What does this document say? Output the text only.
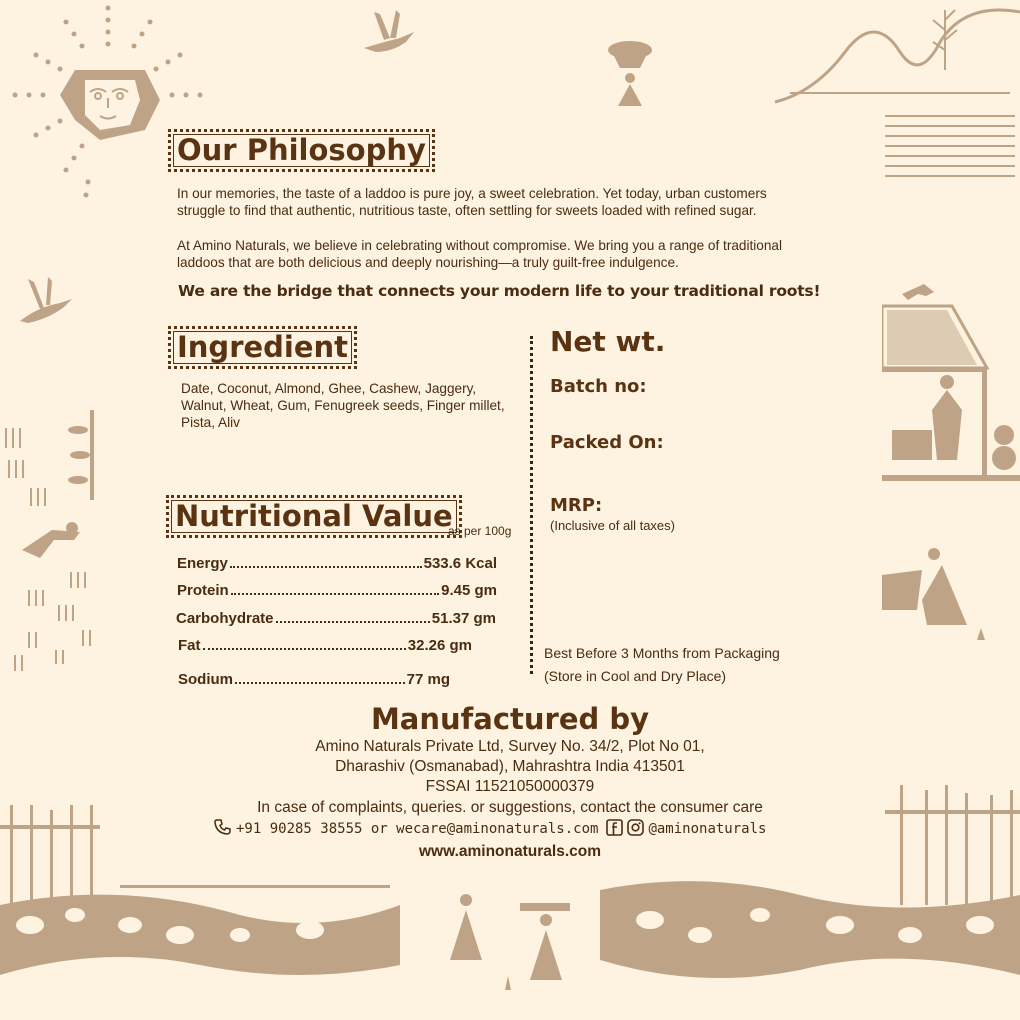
Our Philosophy
In our memories, the taste of a laddoo is pure joy, a sweet celebration. Yet today, urban customers struggle to find that authentic, nutritious taste, often settling for sweets loaded with refined sugar.
At Amino Naturals, we believe in celebrating without compromise. We bring you a range of traditional laddoos that are both delicious and deeply nourishing—a truly guilt-free indulgence.
We are the bridge that connects your modern life to your traditional roots!
Ingredient
Date, Coconut, Almond, Ghee, Cashew, Jaggery, Walnut, Wheat, Gum, Fenugreek seeds, Finger millet, Pista, Aliv
Nutritional Value
as per 100g
Energy	533.6 Kcal
Protein	9.45 gm
Carbohydrate	51.37 gm
Fat	32.26 gm
Sodium	77 mg
Net wt.
Batch no:
Packed On:
MRP:
(Inclusive of all taxes)
Best Before 3 Months from Packaging
(Store in Cool and Dry Place)
Manufactured by
Amino Naturals Private Ltd, Survey No. 34/2, Plot No 01,
Dharashiv (Osmanabad), Mahrashtra India 413501
FSSAI 11521050000379
In case of complaints, queries. or suggestions, contact the consumer care
+91 90285 38555 or wecare@aminonaturals.com	@aminonaturals
www.aminonaturals.com
